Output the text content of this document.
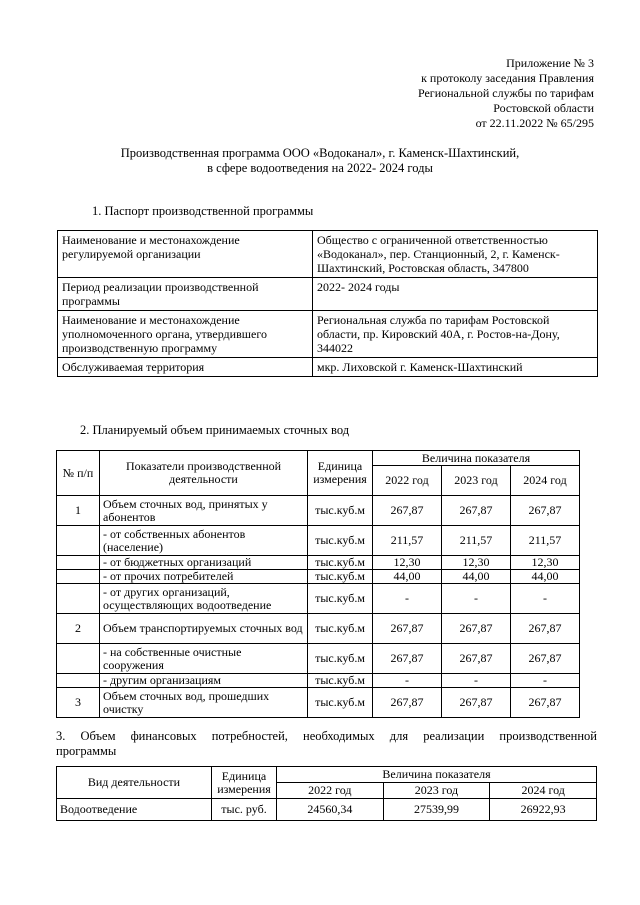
Приложение № 3
к протоколу заседания Правления
Региональной службы по тарифам
Ростовской области
от 22.11.2022 № 65/295
Производственная программа ООО «Водоканал», г. Каменск-Шахтинский,
в сфере водоотведения на 2022- 2024 годы
1. Паспорт производственной программы
Наименование и местонахождение регулируемой организации	Общество с ограниченной ответственностью «Водоканал», пер. Станционный, 2, г. Каменск-Шахтинский, Ростовская область, 347800
Период реализации производственной программы	2022- 2024 годы
Наименование и местонахождение уполномоченного органа, утвердившего производственную программу	Региональная служба по тарифам Ростовской области, пр. Кировский 40А, г. Ростов-на-Дону, 344022
Обслуживаемая территория	мкр. Лиховской г. Каменск-Шахтинский
2. Планируемый объем принимаемых сточных вод
№ п/п	Показатели производственной деятельности	Единица измерения	Величина показателя		
			2022 год	2023 год	2024 год
1	Объем сточных вод, принятых у абонентов	тыс.куб.м	267,87	267,87	267,87
	- от собственных абонентов (население)	тыс.куб.м	211,57	211,57	211,57
	- от бюджетных организаций	тыс.куб.м	12,30	12,30	12,30
	- от прочих потребителей	тыс.куб.м	44,00	44,00	44,00
	- от других организаций, осуществляющих водоотведение	тыс.куб.м	-	-	-
2	Объем транспортируемых сточных вод	тыс.куб.м	267,87	267,87	267,87
	- на собственные очистные сооружения	тыс.куб.м	267,87	267,87	267,87
	- другим организациям	тыс.куб.м	-	-	-
3	Объем сточных вод, прошедших очистку	тыс.куб.м	267,87	267,87	267,87
3. Объем финансовых потребностей, необходимых для реализации производственной
программы
Вид деятельности	Единица измерения	Величина показателя		
		2022 год	2023 год	2024 год
Водоотведение	тыс. руб.	24560,34	27539,99	26922,93
